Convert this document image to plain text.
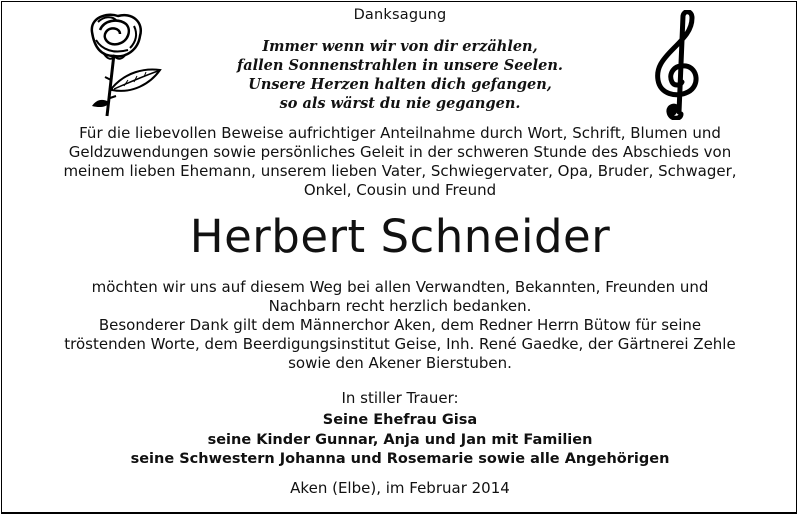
Danksagung
Immer wenn wir von dir erzählen,
fallen Sonnenstrahlen in unsere Seelen.
Unsere Herzen halten dich gefangen,
so als wärst du nie gegangen.
Für die liebevollen Beweise aufrichtiger Anteilnahme durch Wort, Schrift, Blumen und
Geldzuwendungen sowie persönliches Geleit in der schweren Stunde des Abschieds von
meinem lieben Ehemann, unserem lieben Vater, Schwiegervater, Opa, Bruder, Schwager,
Onkel, Cousin und Freund
Herbert Schneider
möchten wir uns auf diesem Weg bei allen Verwandten, Bekannten, Freunden und
Nachbarn recht herzlich bedanken.
Besonderer Dank gilt dem Männerchor Aken, dem Redner Herrn Bütow für seine
tröstenden Worte, dem Beerdigungsinstitut Geise, Inh. René Gaedke, der Gärtnerei Zehle
sowie den Akener Bierstuben.
In stiller Trauer:
Seine Ehefrau Gisa
seine Kinder Gunnar, Anja und Jan mit Familien
seine Schwestern Johanna und Rosemarie sowie alle Angehörigen
Aken (Elbe), im Februar 2014
